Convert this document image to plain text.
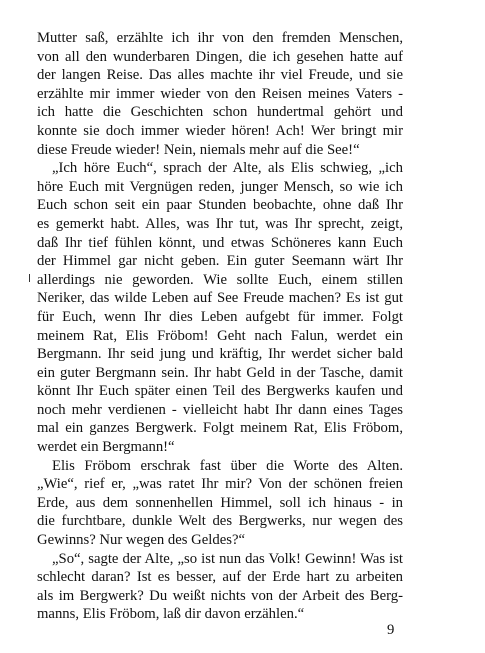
Mutter saß, erzählte ich ihr von den fremden Menschen,
von all den wunderbaren Dingen, die ich gesehen hatte auf
der langen Reise. Das alles machte ihr viel Freude, und sie
erzählte mir immer wieder von den Reisen meines Vaters -
ich hatte die Geschichten schon hundertmal gehört und
konnte sie doch immer wieder hören! Ach! Wer bringt mir
diese Freude wieder! Nein, niemals mehr auf die See!“
„Ich höre Euch“, sprach der Alte, als Elis schwieg, „ich
höre Euch mit Vergnügen reden, junger Mensch, so wie ich
Euch schon seit ein paar Stunden beobachte, ohne daß Ihr
es gemerkt habt. Alles, was Ihr tut, was Ihr sprecht, zeigt,
daß Ihr tief fühlen könnt, und etwas Schöneres kann Euch
der Himmel gar nicht geben. Ein guter Seemann wärt Ihr
allerdings nie geworden. Wie sollte Euch, einem stillen
Neriker, das wilde Leben auf See Freude machen? Es ist gut
für Euch, wenn Ihr dies Leben aufgebt für immer. Folgt
meinem Rat, Elis Fröbom! Geht nach Falun, werdet ein
Bergmann. Ihr seid jung und kräftig, Ihr werdet sicher bald
ein guter Bergmann sein. Ihr habt Geld in der Tasche, damit
könnt Ihr Euch später einen Teil des Bergwerks kaufen und
noch mehr verdienen - vielleicht habt Ihr dann eines Tages
mal ein ganzes Bergwerk. Folgt meinem Rat, Elis Fröbom,
werdet ein Bergmann!“
Elis Fröbom erschrak fast über die Worte des Alten.
„Wie“, rief er, „was ratet Ihr mir? Von der schönen freien
Erde, aus dem sonnenhellen Himmel, soll ich hinaus - in
die furchtbare, dunkle Welt des Bergwerks, nur wegen des
Gewinns? Nur wegen des Geldes?“
„So“, sagte der Alte, „so ist nun das Volk! Gewinn! Was ist
schlecht daran? Ist es besser, auf der Erde hart zu arbeiten
als im Bergwerk? Du weißt nichts von der Arbeit des Berg-
manns, Elis Fröbom, laß dir davon erzählen.“
9
